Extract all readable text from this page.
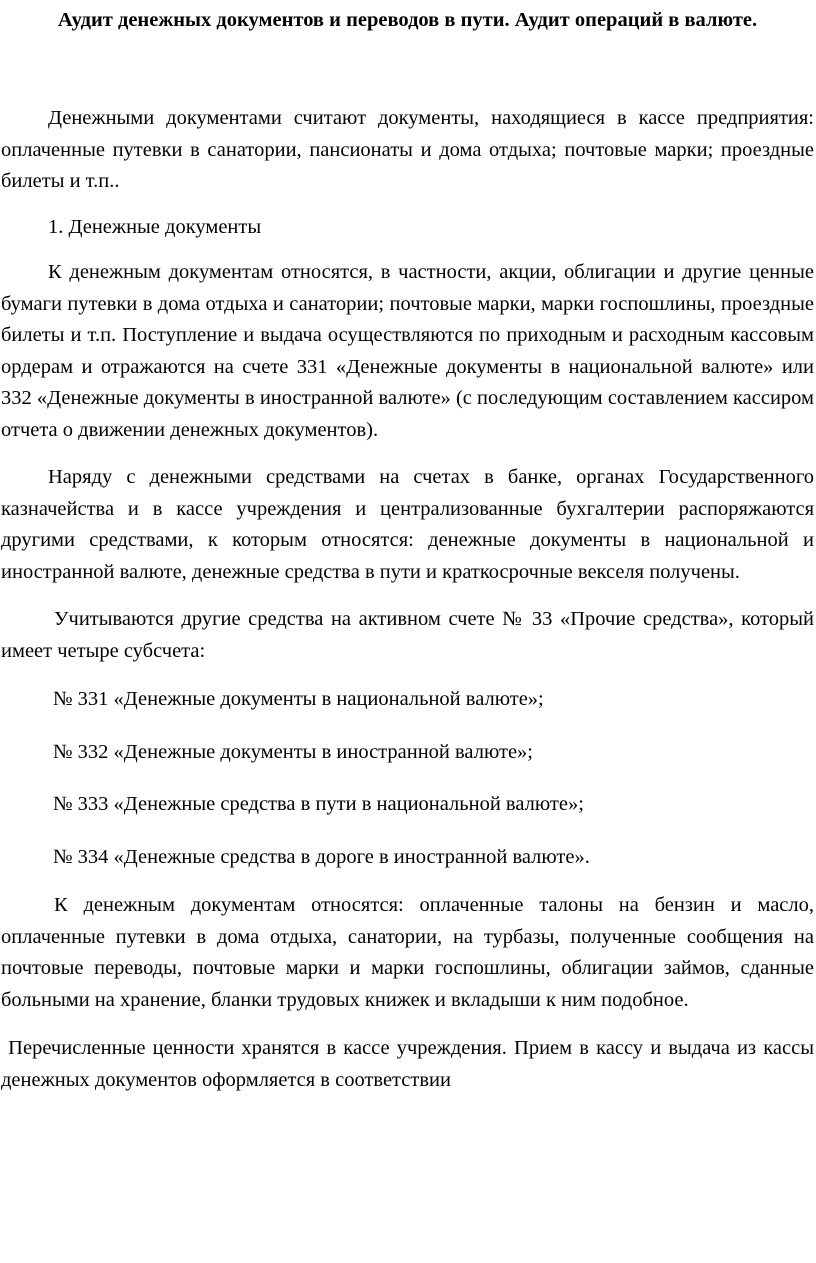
Аудит денежных документов и переводов в пути. Аудит операций в валюте.

Денежными документами считают документы, находящиеся в кассе предприятия: оплаченные путевки в санатории, пансионаты и дома отдыха; почтовые марки; проездные билеты и т.п..

1. Денежные документы

К денежным документам относятся, в частности, акции, облигации и другие ценные бумаги путевки в дома отдыха и санатории; почтовые марки, марки госпошлины, проездные билеты и т.п. Поступление и выдача осуществляются по приходным и расходным кассовым ордерам и отражаются на счете 331 «Денежные документы в национальной валюте» или 332 «Денежные документы в иностранной валюте» (с последующим составлением кассиром отчета о движении денежных документов).

Наряду с денежными средствами на счетах в банке, органах Государственного казначейства и в кассе учреждения и централизованные бухгалтерии распоряжаются другими средствами, к которым относятся: денежные документы в национальной и иностранной валюте, денежные средства в пути и краткосрочные векселя получены.

Учитываются другие средства на активном счете № 33 «Прочие средства», который имеет четыре субсчета:

№ 331 «Денежные документы в национальной валюте»;

№ 332 «Денежные документы в иностранной валюте»;

№ 333 «Денежные средства в пути в национальной валюте»;

№ 334 «Денежные средства в дороге в иностранной валюте».

К денежным документам относятся: оплаченные талоны на бензин и масло, оплаченные путевки в дома отдыха, санатории, на турбазы, полученные сообщения на почтовые переводы, почтовые марки и марки госпошлины, облигации займов, сданные больными на хранение, бланки трудовых книжек и вкладыши к ним подобное.

Перечисленные ценности хранятся в кассе учреждения. Прием в кассу и выдача из кассы денежных документов оформляется в соответствии
